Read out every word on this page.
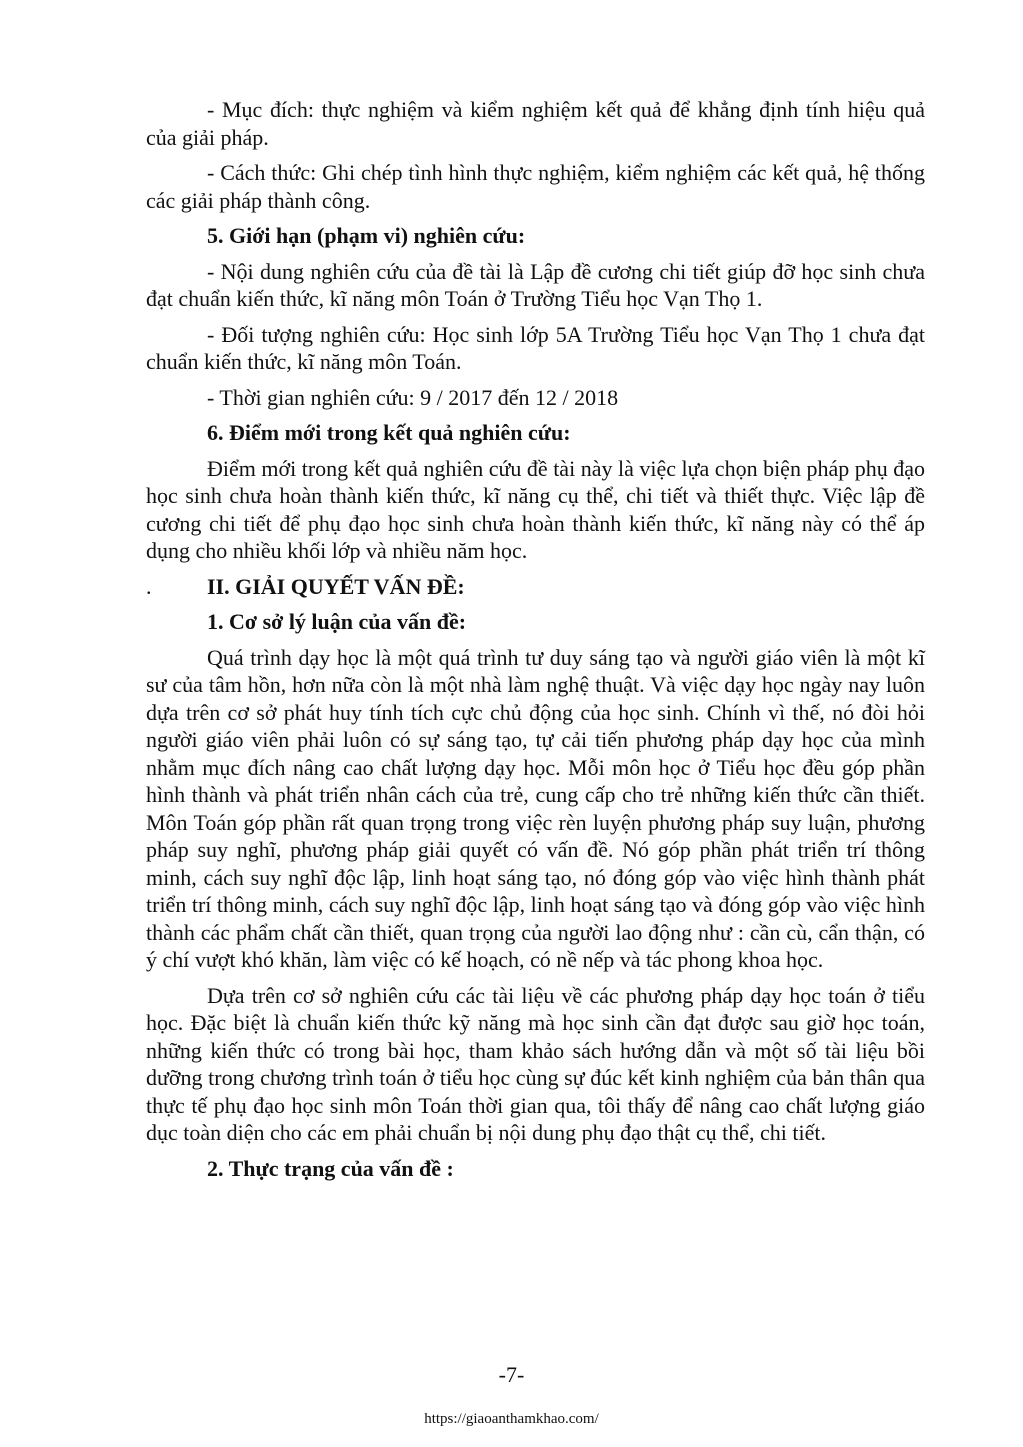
- Mục đích: thực nghiệm và kiểm nghiệm kết quả để khẳng định tính hiệu quả của giải pháp.

- Cách thức: Ghi chép tình hình thực nghiệm, kiểm nghiệm các kết quả, hệ thống các giải pháp thành công.

5. Giới hạn (phạm vi) nghiên cứu:

- Nội dung nghiên cứu của đề tài là Lập đề cương chi tiết giúp đỡ học sinh chưa đạt chuẩn kiến thức, kĩ năng môn Toán ở Trường Tiểu học Vạn Thọ 1.

- Đối tượng nghiên cứu: Học sinh lớp 5A Trường Tiểu học Vạn Thọ 1 chưa đạt chuẩn kiến thức, kĩ năng môn Toán.

- Thời gian nghiên cứu: 9 / 2017 đến 12 / 2018

6. Điểm mới trong kết quả nghiên cứu:

Điểm mới trong kết quả nghiên cứu đề tài này là việc lựa chọn biện pháp phụ đạo học sinh chưa hoàn thành kiến thức, kĩ năng cụ thể, chi tiết và thiết thực. Việc lập đề cương chi tiết để phụ đạo học sinh chưa hoàn thành kiến thức, kĩ năng này có thể áp dụng cho nhiều khối lớp và nhiều năm học.

.	II. GIẢI QUYẾT VẤN ĐỀ:

1. Cơ sở lý luận của vấn đề:

Quá trình dạy học là một quá trình tư duy sáng tạo và người giáo viên là một kĩ sư của tâm hồn, hơn nữa còn là một nhà làm nghệ thuật. Và việc dạy học ngày nay luôn dựa trên cơ sở phát huy tính tích cực chủ động của học sinh. Chính vì thế, nó đòi hỏi người giáo viên phải luôn có sự sáng tạo, tự cải tiến phương pháp dạy học của mình nhằm mục đích nâng cao chất lượng dạy học. Mỗi môn học ở Tiểu học đều góp phần hình thành và phát triển nhân cách của trẻ, cung cấp cho trẻ những kiến thức cần thiết. Môn Toán góp phần rất quan trọng trong việc rèn luyện phương pháp suy luận, phương pháp suy nghĩ, phương pháp giải quyết có vấn đề. Nó góp phần phát triển trí thông minh, cách suy nghĩ độc lập, linh hoạt sáng tạo, nó đóng góp vào việc hình thành phát triển trí thông minh, cách suy nghĩ độc lập, linh hoạt sáng tạo và đóng góp vào việc hình thành các phẩm chất cần thiết, quan trọng của người lao động như : cần cù, cẩn thận, có ý chí vượt khó khăn, làm việc có kế hoạch, có nề nếp và tác phong khoa học.

Dựa trên cơ sở nghiên cứu các tài liệu về các phương pháp dạy học toán ở tiểu học. Đặc biệt là chuẩn kiến thức kỹ năng mà học sinh cần đạt được sau giờ học toán, những kiến thức có trong bài học, tham khảo sách hướng dẫn và một số tài liệu bồi dưỡng trong chương trình toán ở tiểu học cùng sự đúc kết kinh nghiệm của bản thân qua thực tế phụ đạo học sinh môn Toán thời gian qua, tôi thấy để nâng cao chất lượng giáo dục toàn diện cho các em phải chuẩn bị nội dung phụ đạo thật cụ thể, chi tiết.

2. Thực trạng của vấn đề :

-7-
https://giaoanthamkhao.com/
